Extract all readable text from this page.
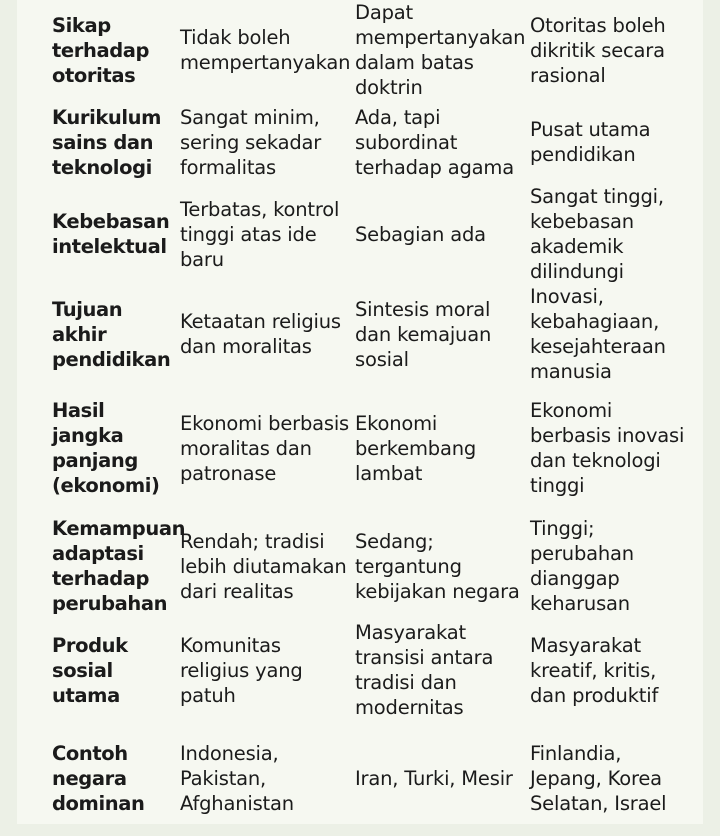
Sikap terhadap otoritas	Tidak boleh mempertanyakan	Dapat mempertanyakan dalam batas doktrin	Otoritas boleh dikritik secara rasional
Kurikulum sains dan teknologi	Sangat minim, sering sekadar formalitas	Ada, tapi subordinat terhadap agama	Pusat utama pendidikan
Kebebasan intelektual	Terbatas, kontrol tinggi atas ide baru	Sebagian ada	Sangat tinggi, kebebasan akademik dilindungi
Tujuan akhir pendidikan	Ketaatan religius dan moralitas	Sintesis moral dan kemajuan sosial	Inovasi, kebahagiaan, kesejahteraan manusia
Hasil jangka panjang (ekonomi)	Ekonomi berbasis moralitas dan patronase	Ekonomi berkembang lambat	Ekonomi berbasis inovasi dan teknologi tinggi
Kemampuan adaptasi terhadap perubahan	Rendah; tradisi lebih diutamakan dari realitas	Sedang; tergantung kebijakan negara	Tinggi; perubahan dianggap keharusan
Produk sosial utama	Komunitas religius yang patuh	Masyarakat transisi antara tradisi dan modernitas	Masyarakat kreatif, kritis, dan produktif
Contoh negara dominan	Indonesia, Pakistan, Afghanistan	Iran, Turki, Mesir	Finlandia, Jepang, Korea Selatan, Israel
